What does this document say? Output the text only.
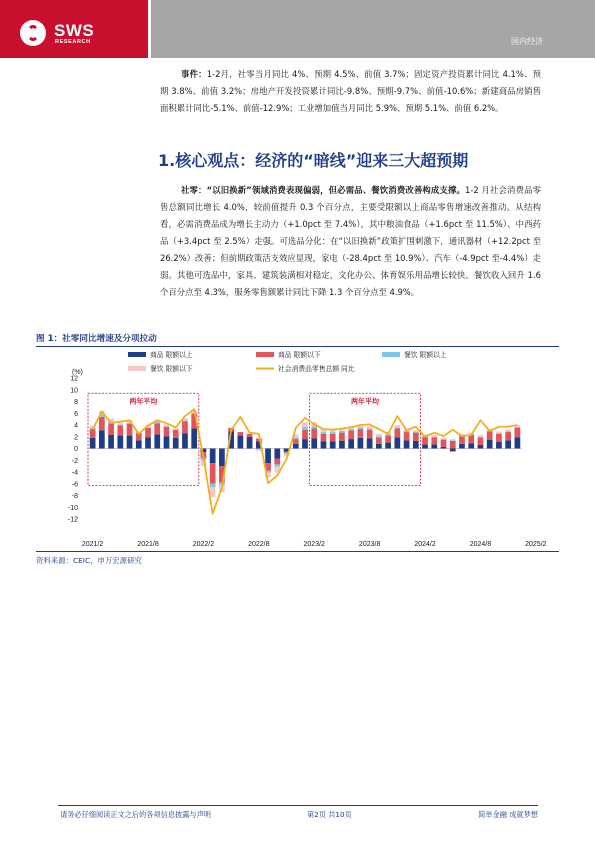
SWS
RESEARCH	国内经济
事件：1-2月，社零当月同比 4%、预期 4.5%、前值 3.7%；固定资产投资累计同比 4.1%、预期 3.8%、前值 3.2%；房地产开发投资累计同比-9.8%、预期-9.7%、前值-10.6%；新建商品房销售面积累计同比-5.1%、前值-12.9%；工业增加值当月同比 5.9%、预期 5.1%、前值 6.2%。
1.核心观点：经济的“暗线”迎来三大超预期
社零：“以旧换新”领域消费表现偏弱，但必需品、餐饮消费改善构成支撑。1-2 月社会消费品零售总额同比增长 4.0%，较前值提升 0.3 个百分点，主要受限额以上商品零售增速改善推动。从结构看，必需消费品成为增长主动力（+1.0pct 至 7.4%），其中粮油食品（+1.6pct 至 11.5%）、中西药品（+3.4pct 至 2.5%）走强。可选品分化：在“以旧换新”政策扩围刺激下，通讯器材（+12.2pct 至 26.2%）改善；但前期政策活支效应显现，家电（-28.4pct 至 10.9%）、汽车（-4.9pct 至-4.4%）走弱。其他可选品中，家具、建筑装潢相对稳定，文化办公、体育娱乐用品增长较快。餐饮收入回升 1.6 个百分点至 4.3%，服务零售额累计同比下降 1.3 个百分点至 4.9%。
图 1：社零同比增速及分项拉动
商品 限额以上	商品 限额以下	餐饮 限额以上
餐饮 限额以下	社会消费品零售总额 同比
两年平均	两年平均
(%)
12
10
8
6
4
2
0
-2
-4
-6
-8
-10
-12
2021/2	2021/8	2022/2	2022/8	2023/2	2023/8	2024/2	2024/8	2025/2
资料来源：CEIC，申万宏源研究
请务必仔细阅读正文之后的各项信息披露与声明	第2页 共10页	简单金融 成就梦想
